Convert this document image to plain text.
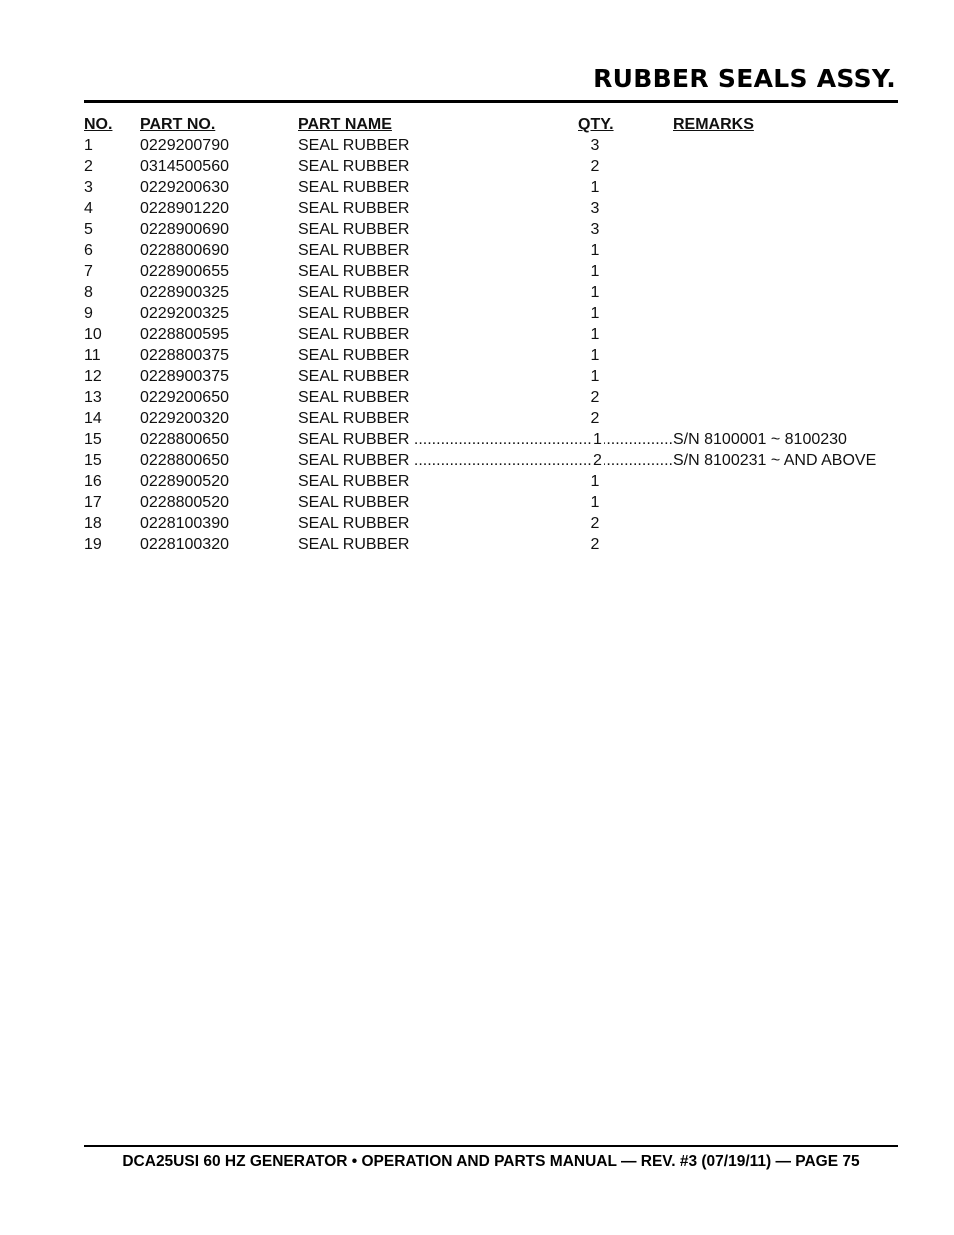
RUBBER SEALS ASSY.
NO. PART NO.	PART NAME	QTY.	REMARKS
1	0229200790	SEAL RUBBER	3
2	0314500560	SEAL RUBBER	2
3	0229200630	SEAL RUBBER	1
4	0228901220	SEAL RUBBER	3
5	0228900690	SEAL RUBBER	3
6	0228800690	SEAL RUBBER	1
7	0228900655	SEAL RUBBER	1
8	0228900325	SEAL RUBBER	1
9	0229200325	SEAL RUBBER	1
10 0228800595	SEAL RUBBER	1
11 0228800375	SEAL RUBBER	1
12 0228900375	SEAL RUBBER	1
13 0229200650	SEAL RUBBER	2
14 0229200320	SEAL RUBBER	2
15 0228800650	SEAL RUBBER .....	1 .....	S/N 8100001 ~ 8100230
15 0228800650	SEAL RUBBER .....	2 .....	S/N 8100231 ~ AND ABOVE
16 0228900520	SEAL RUBBER	1
17 0228800520	SEAL RUBBER	1
18 0228100390	SEAL RUBBER	2
19 0228100320	SEAL RUBBER	2
DCA25USI 60 HZ GENERATOR • OPERATION AND PARTS MANUAL — REV. #3 (07/19/11) — PAGE 75
